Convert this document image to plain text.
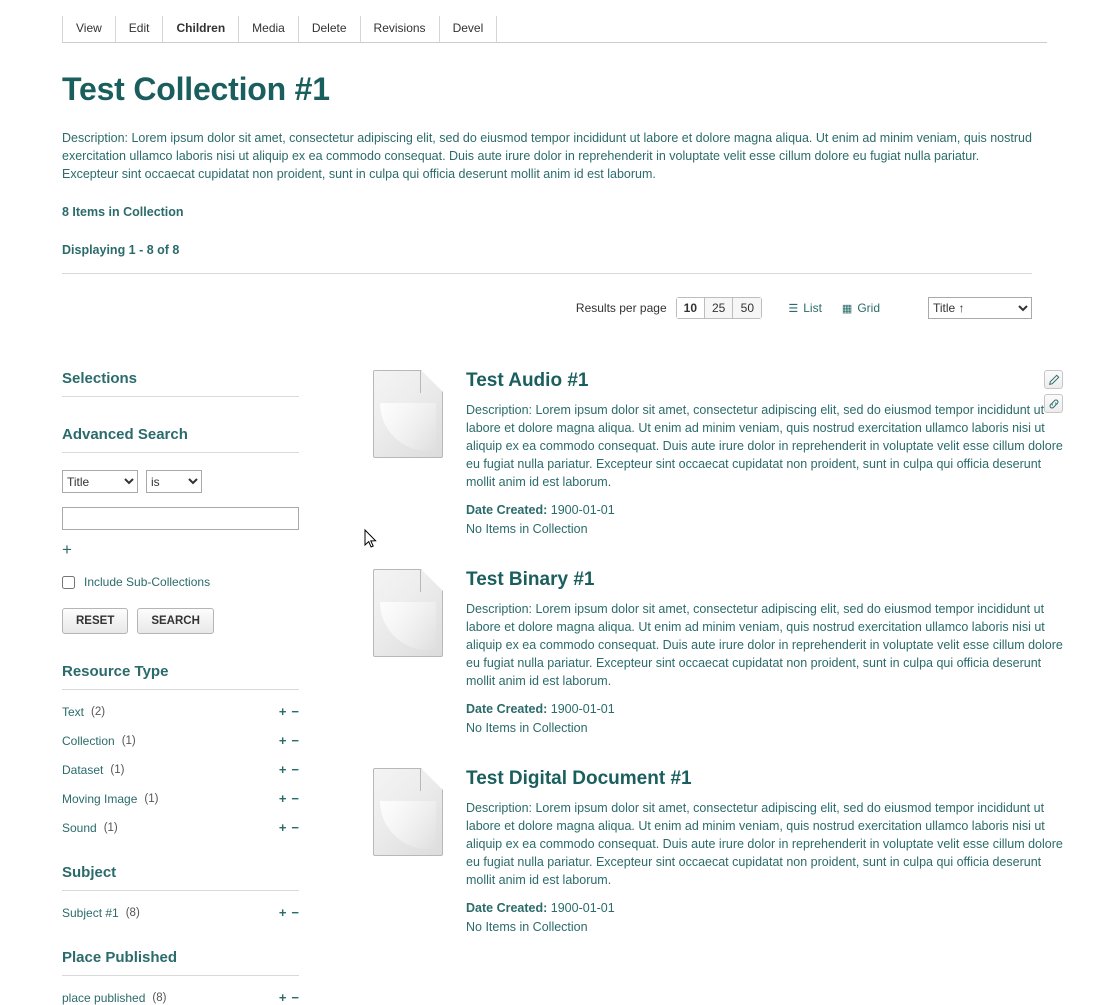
View	Edit	Children	Media	Delete	Revisions	Devel
Test Collection #1
Description: Lorem ipsum dolor sit amet, consectetur adipiscing elit, sed do eiusmod tempor incididunt ut labore et dolore magna aliqua. Ut enim ad minim veniam, quis nostrud exercitation ullamco laboris nisi ut aliquip ex ea commodo consequat. Duis aute irure dolor in reprehenderit in voluptate velit esse cillum dolore eu fugiat nulla pariatur. Excepteur sint occaecat cupidatat non proident, sunt in culpa qui officia deserunt mollit anim id est laborum.
8 Items in Collection
Displaying 1 - 8 of 8
Results per page	10	25	50	☰ List ▦ Grid
Title ↑
Selections
Advanced Search
Title
is
+
Include Sub-Collections
RESET	SEARCH
Resource Type
Text (2)	+ −
Collection (1)	+ −
Dataset (1)	+ −
Moving Image (1)	+ −
Sound (1)	+ −
Subject
Subject #1 (8)	+ −
Place Published
place published (8)	+ −
Test Audio #1
Description: Lorem ipsum dolor sit amet, consectetur adipiscing elit, sed do eiusmod tempor incididunt ut labore et dolore magna aliqua. Ut enim ad minim veniam, quis nostrud exercitation ullamco laboris nisi ut aliquip ex ea commodo consequat. Duis aute irure dolor in reprehenderit in voluptate velit esse cillum dolore eu fugiat nulla pariatur. Excepteur sint occaecat cupidatat non proident, sunt in culpa qui officia deserunt mollit anim id est laborum.
Date Created: 1900-01-01
No Items in Collection
Test Binary #1
Description: Lorem ipsum dolor sit amet, consectetur adipiscing elit, sed do eiusmod tempor incididunt ut labore et dolore magna aliqua. Ut enim ad minim veniam, quis nostrud exercitation ullamco laboris nisi ut aliquip ex ea commodo consequat. Duis aute irure dolor in reprehenderit in voluptate velit esse cillum dolore eu fugiat nulla pariatur. Excepteur sint occaecat cupidatat non proident, sunt in culpa qui officia deserunt mollit anim id est laborum.
Date Created: 1900-01-01
No Items in Collection
Test Digital Document #1
Description: Lorem ipsum dolor sit amet, consectetur adipiscing elit, sed do eiusmod tempor incididunt ut labore et dolore magna aliqua. Ut enim ad minim veniam, quis nostrud exercitation ullamco laboris nisi ut aliquip ex ea commodo consequat. Duis aute irure dolor in reprehenderit in voluptate velit esse cillum dolore eu fugiat nulla pariatur. Excepteur sint occaecat cupidatat non proident, sunt in culpa qui officia deserunt mollit anim id est laborum.
Date Created: 1900-01-01
No Items in Collection
